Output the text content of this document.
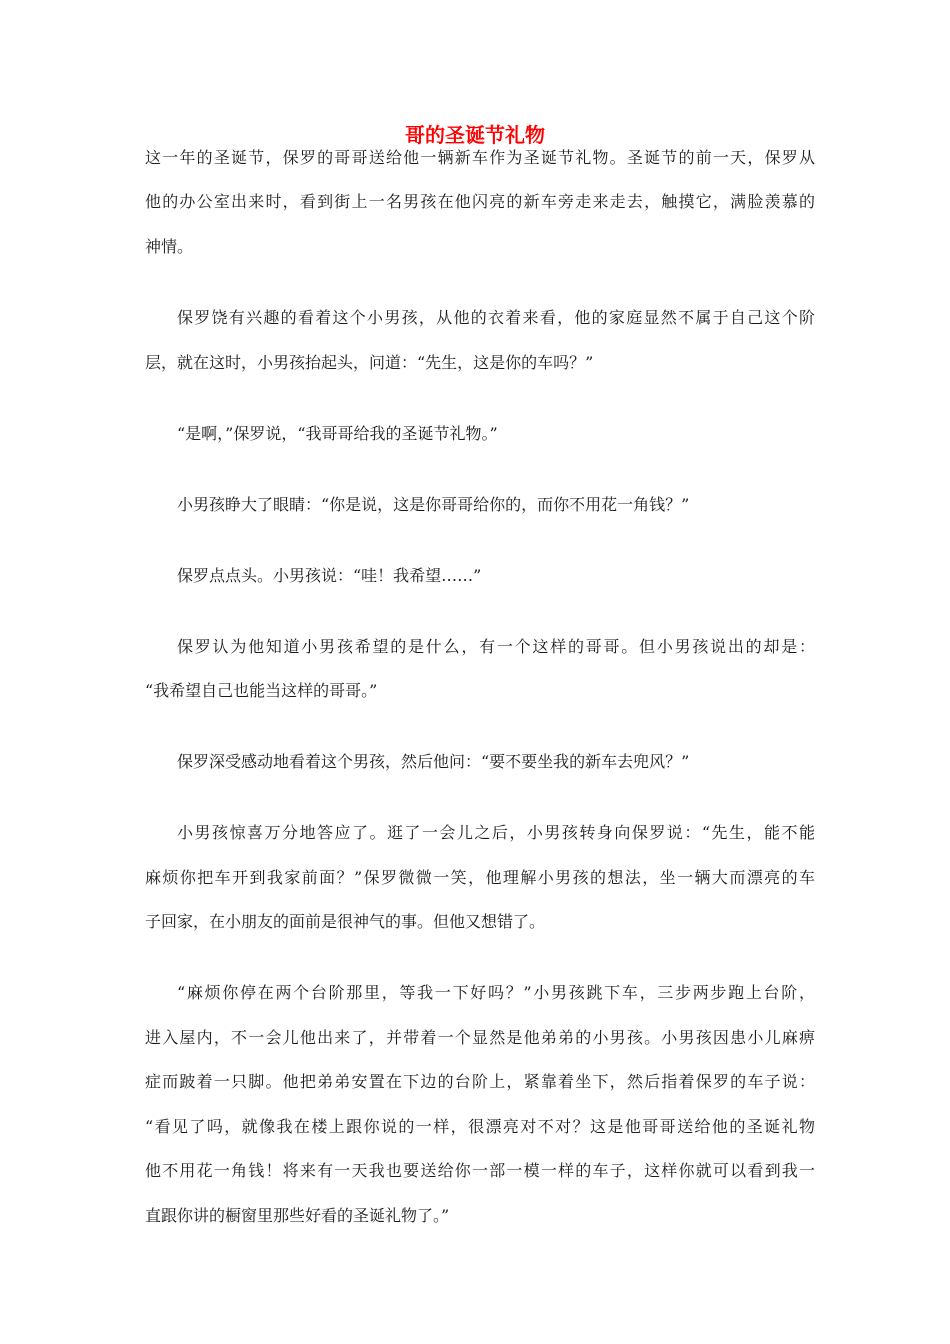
哥的圣诞节礼物

这一年的圣诞节，保罗的哥哥送给他一辆新车作为圣诞节礼物。圣诞节的前一天，保罗从

他的办公室出来时，看到街上一名男孩在他闪亮的新车旁走来走去，触摸它，满脸羡慕的

神情。

保罗饶有兴趣的看着这个小男孩，从他的衣着来看，他的家庭显然不属于自己这个阶

层，就在这时，小男孩抬起头，问道：“先生，这是你的车吗？”

“是啊，”保罗说，“我哥哥给我的圣诞节礼物。”

小男孩睁大了眼睛：“你是说，这是你哥哥给你的，而你不用花一角钱？”

保罗点点头。小男孩说：“哇！我希望……”

保罗认为他知道小男孩希望的是什么，有一个这样的哥哥。但小男孩说出的却是：

“我希望自己也能当这样的哥哥。”

保罗深受感动地看着这个男孩，然后他问：“要不要坐我的新车去兜风？”

小男孩惊喜万分地答应了。逛了一会儿之后，小男孩转身向保罗说：“先生，能不能

麻烦你把车开到我家前面？”保罗微微一笑，他理解小男孩的想法，坐一辆大而漂亮的车

子回家，在小朋友的面前是很神气的事。但他又想错了。

“麻烦你停在两个台阶那里，等我一下好吗？”小男孩跳下车，三步两步跑上台阶，

进入屋内，不一会儿他出来了，并带着一个显然是他弟弟的小男孩。小男孩因患小儿麻痹

症而跛着一只脚。他把弟弟安置在下边的台阶上，紧靠着坐下，然后指着保罗的车子说：

“看见了吗，就像我在楼上跟你说的一样，很漂亮对不对？这是他哥哥送给他的圣诞礼物

他不用花一角钱！将来有一天我也要送给你一部一模一样的车子，这样你就可以看到我一

直跟你讲的橱窗里那些好看的圣诞礼物了。”
